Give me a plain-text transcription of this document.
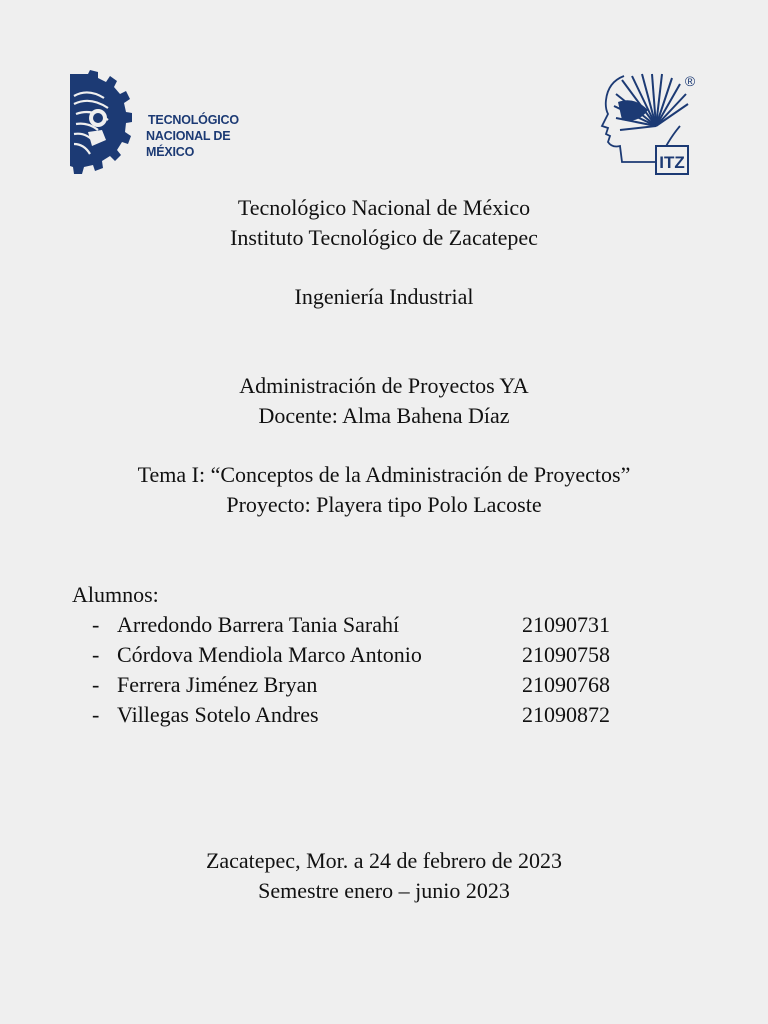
TECNOLÓGICO
NACIONAL DE MÉXICO
ITZ
®
Tecnológico Nacional de México
Instituto Tecnológico de Zacatepec
Ingeniería Industrial
Administración de Proyectos YA
Docente: Alma Bahena Díaz
Tema I: “Conceptos de la Administración de Proyectos”
Proyecto: Playera tipo Polo Lacoste
Alumnos:
- Arredondo Barrera Tania Sarahí	21090731
- Córdova Mendiola Marco Antonio	21090758
- Ferrera Jiménez Bryan	21090768
- Villegas Sotelo Andres	21090872
Zacatepec, Mor. a 24 de febrero de 2023
Semestre enero – junio 2023
